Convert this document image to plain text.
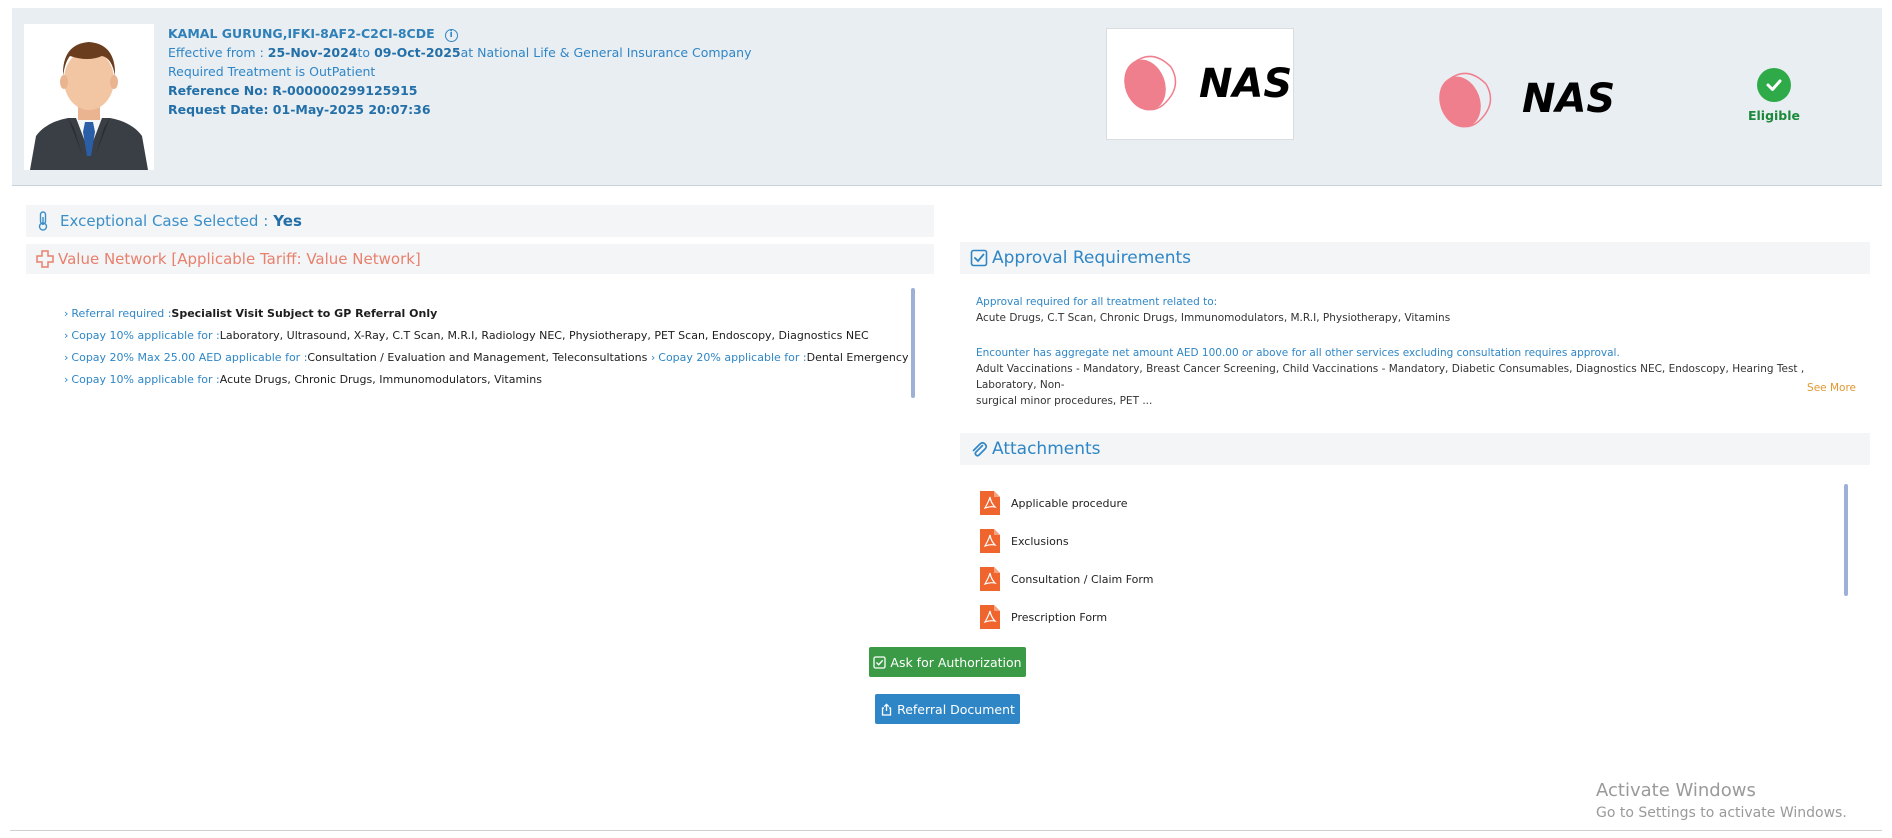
KAMAL GURUNG,IFKI-8AF2-C2CI-8CDE i
Effective from : 25-Nov-2024to 09-Oct-2025at National Life & General Insurance Company
Required Treatment is OutPatient
Reference No: R-000000299125915
Request Date: 01-May-2025 20:07:36
NAS	NAS	Eligible
Exceptional Case Selected : Yes
Value Network [Applicable Tariff: Value Network]
› Referral required :Specialist Visit Subject to GP Referral Only
› Copay 10% applicable for :Laboratory, Ultrasound, X-Ray, C.T Scan, M.R.I, Radiology NEC, Physiotherapy, PET Scan, Endoscopy, Diagnostics NEC
› Copay 20% Max 25.00 AED applicable for :Consultation / Evaluation and Management, Teleconsultations › Copay 20% applicable for :Dental Emergency
› Copay 10% applicable for :Acute Drugs, Chronic Drugs, Immunomodulators, Vitamins
Approval Requirements
Approval required for all treatment related to:
Acute Drugs, C.T Scan, Chronic Drugs, Immunomodulators, M.R.I, Physiotherapy, Vitamins
Encounter has aggregate net amount AED 100.00 or above for all other services excluding consultation requires approval.
Adult Vaccinations - Mandatory, Breast Cancer Screening, Child Vaccinations - Mandatory, Diabetic Consumables, Diagnostics NEC, Endoscopy, Hearing Test , Laboratory, Non-
surgical minor procedures, PET ...
See More
Attachments
Applicable procedure
Exclusions
Consultation / Claim Form
Prescription Form
Ask for Authorization
Referral Document
Activate Windows
Go to Settings to activate Windows.
